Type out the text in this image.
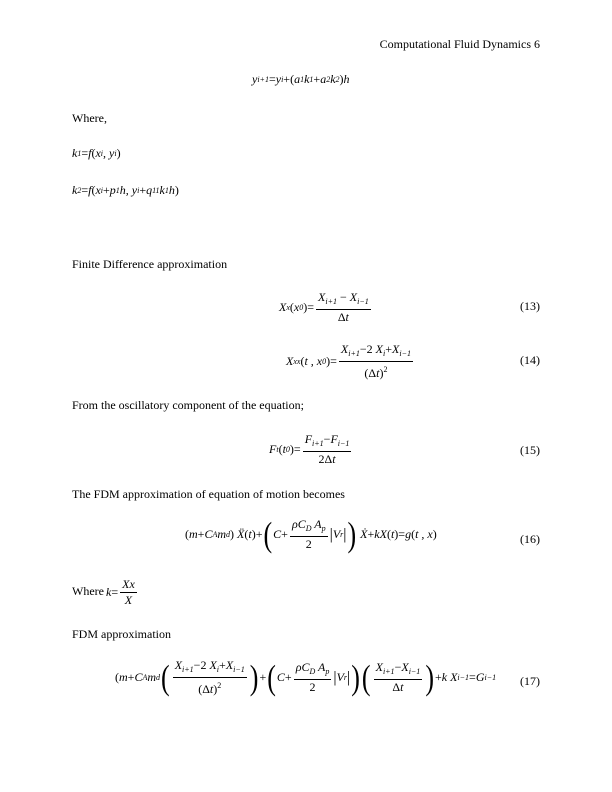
Computational Fluid Dynamics 6
y i+1 = y i + ( a 1 k 1 + a 2 k 2 ) h
Where,
k 1 = f ( x i , y i )
k 2 = f ( x i + p 1 h, y i + q 11 k 1 h )
Finite Difference approximation
X x ( x 0 )= $\frac{X_{i+1} - X_{i-1}}{\Delta t}$	(13)
X xx ( t , x 0 )= $\frac{X_{i+1}-2 X_i+X_{i-1}}{(\Delta t)^2}$	(14)
From the oscillatory component of the equation;
F t ( t 0 )= $\frac{F_{i+1}-F_{i-1}}{2\Delta t}$	(15)
The FDM approximation of equation of motion becomes
( m + C A m d ) Ẍ ( t )+ ( $C + \frac{\rho C_D A_p}{2}$ | V r | ) Ẋ + kX ( t )= g ( t , x )	(16)
Where $k = \frac{Xx}{X}$
FDM approximation
( m + C A m d ( $\frac{X_{i+1}-2 X_i+X_{i-1}}{(\Delta t)^2}$ ) + ( $C + \frac{\rho C_D A_p}{2}$ | V r | ) ( $\frac{X_{i+1}-X_{i-1}}{\Delta t}$ ) + k X i−1 = G i−1 (17)
